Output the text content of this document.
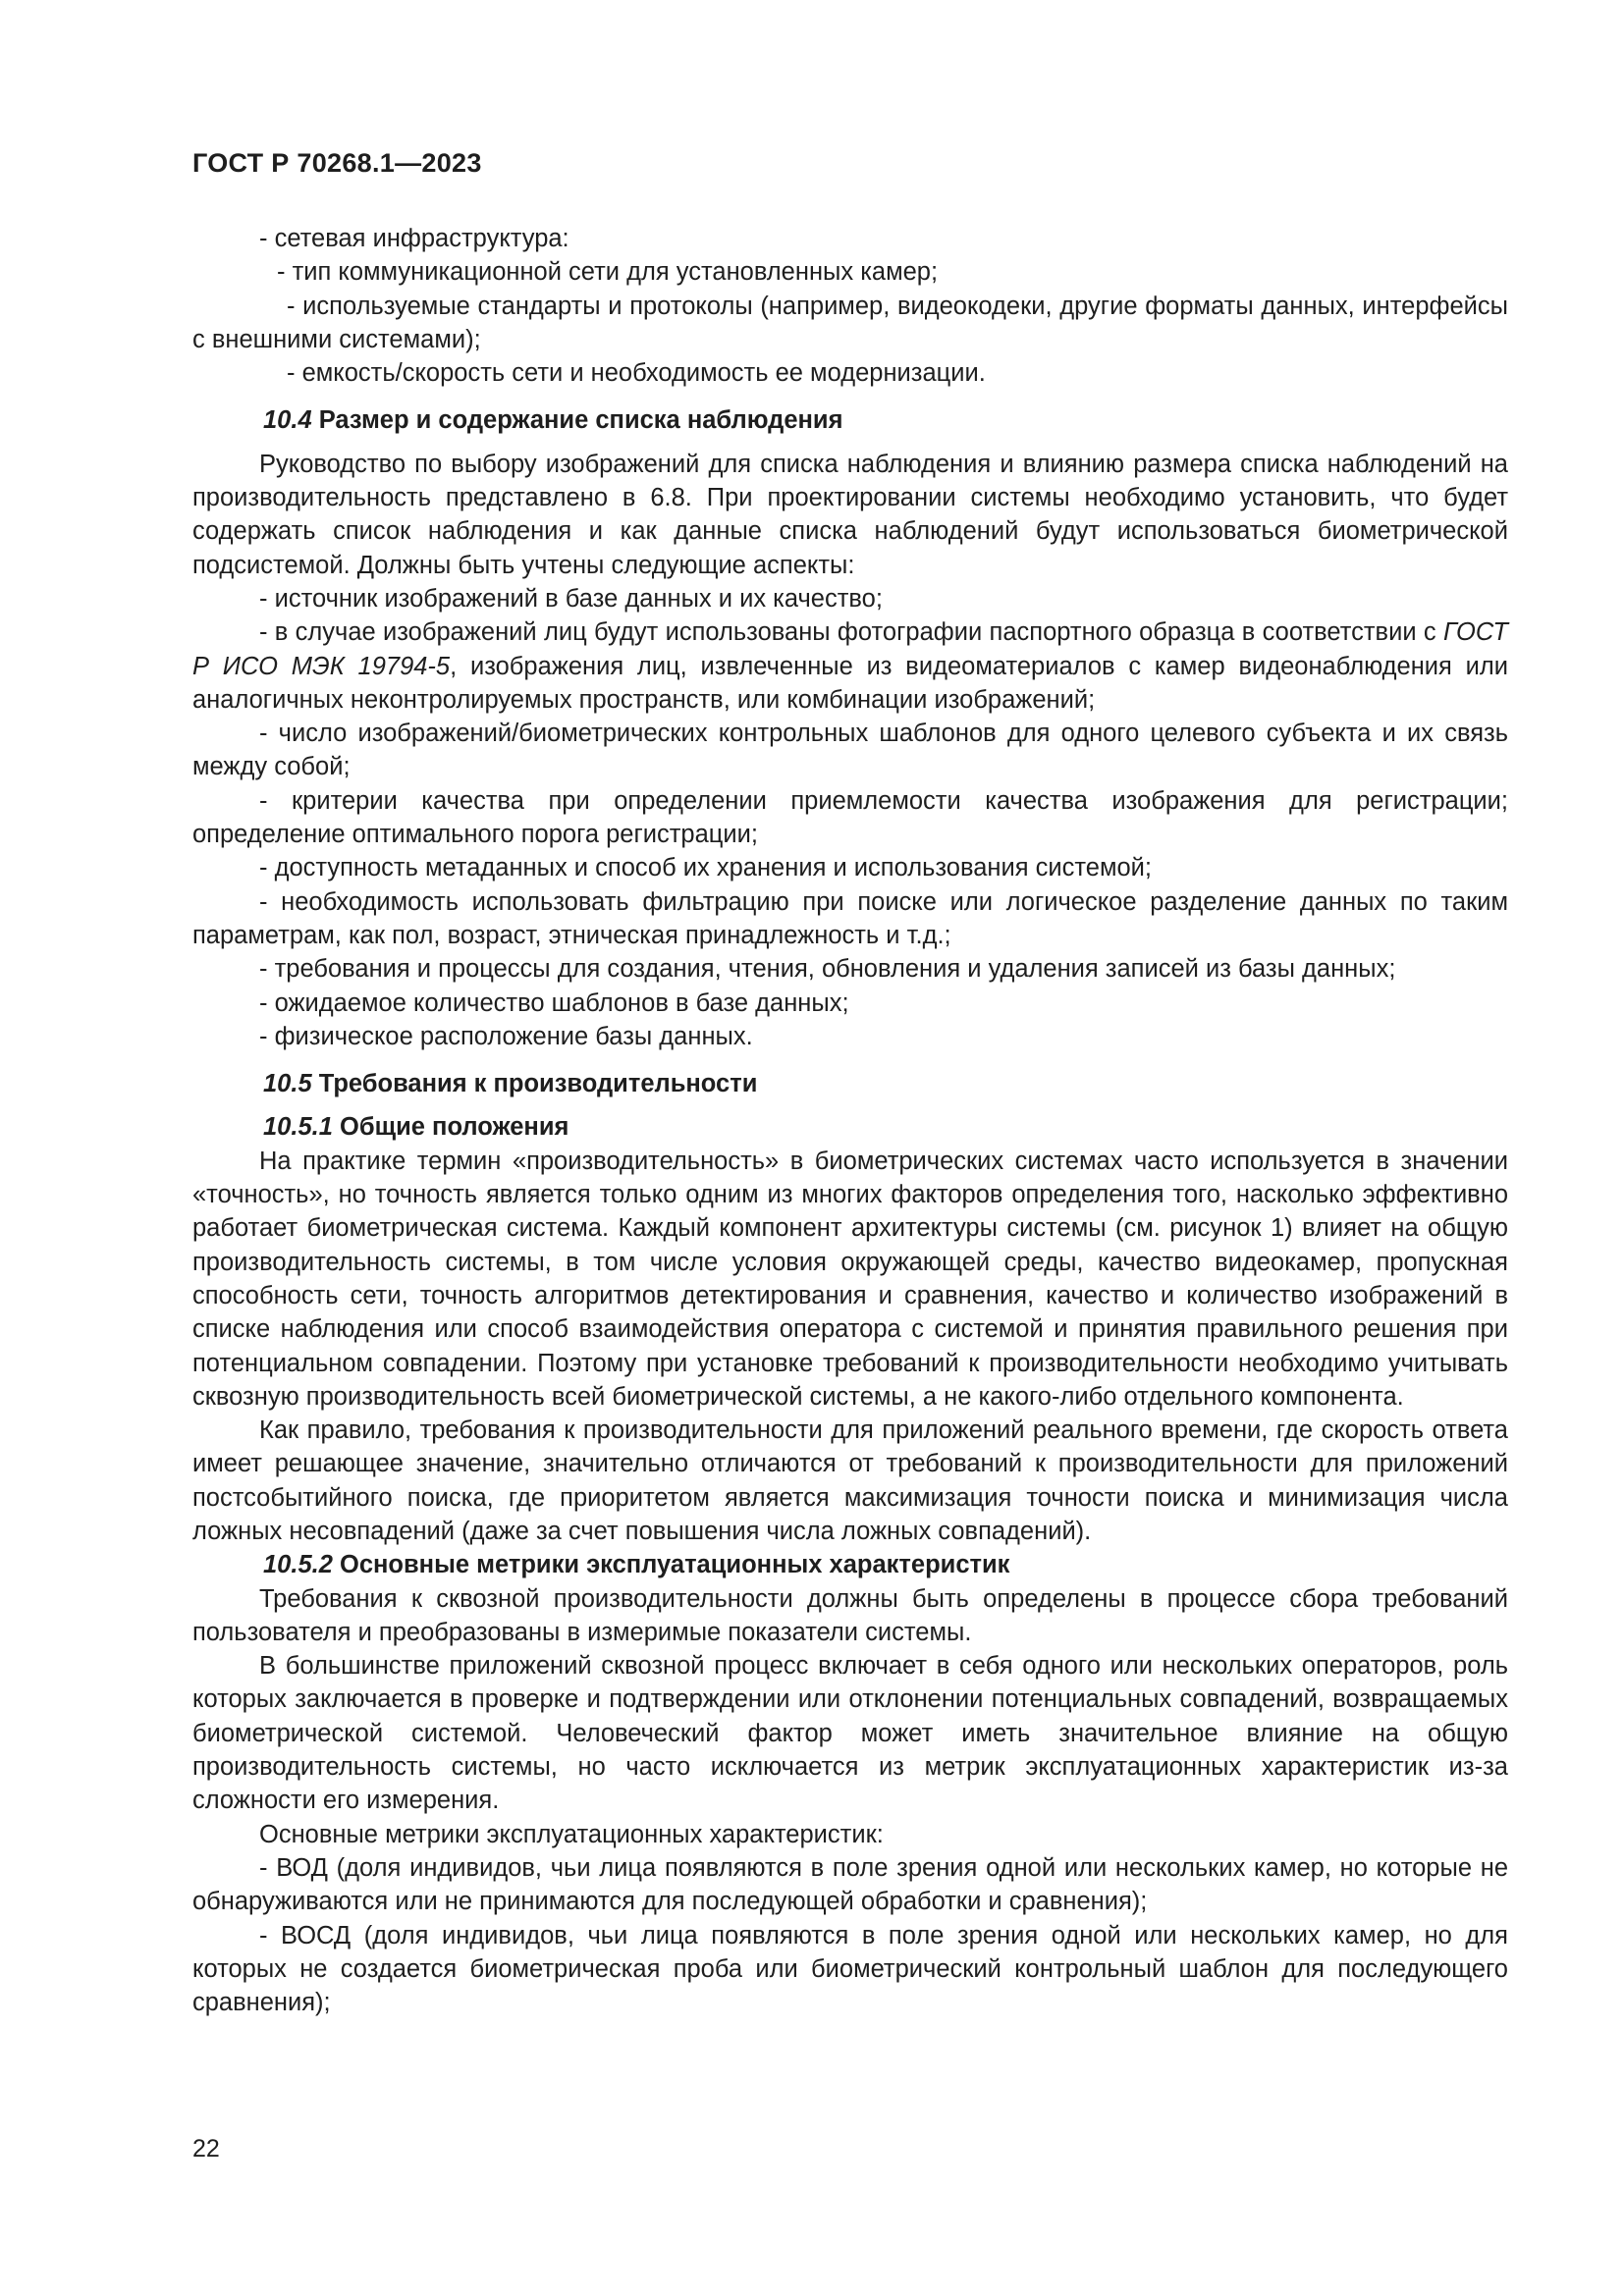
ГОСТ Р 70268.1—2023

- сетевая инфраструктура:

- тип коммуникационной сети для установленных камер;

- используемые стандарты и протоколы (например, видеокодеки, другие форматы данных, интерфейсы с внешними системами);

- емкость/скорость сети и необходимость ее модернизации.

10.4 Размер и содержание списка наблюдения

Руководство по выбору изображений для списка наблюдения и влиянию размера списка наблюдений на производительность представлено в 6.8. При проектировании системы необходимо установить, что будет содержать список наблюдения и как данные списка наблюдений будут использоваться биометрической подсистемой. Должны быть учтены следующие аспекты:

- источник изображений в базе данных и их качество;

- в случае изображений лиц будут использованы фотографии паспортного образца в соответствии с ГОСТ Р ИСО МЭК 19794-5, изображения лиц, извлеченные из видеоматериалов с камер видеонаблюдения или аналогичных неконтролируемых пространств, или комбинации изображений;

- число изображений/биометрических контрольных шаблонов для одного целевого субъекта и их связь между собой;

- критерии качества при определении приемлемости качества изображения для регистрации; определение оптимального порога регистрации;

- доступность метаданных и способ их хранения и использования системой;

- необходимость использовать фильтрацию при поиске или логическое разделение данных по таким параметрам, как пол, возраст, этническая принадлежность и т.д.;

- требования и процессы для создания, чтения, обновления и удаления записей из базы данных;

- ожидаемое количество шаблонов в базе данных;

- физическое расположение базы данных.

10.5 Требования к производительности

10.5.1 Общие положения

На практике термин «производительность» в биометрических системах часто используется в значении «точность», но точность является только одним из многих факторов определения того, насколько эффективно работает биометрическая система. Каждый компонент архитектуры системы (см. рисунок 1) влияет на общую производительность системы, в том числе условия окружающей среды, качество видеокамер, пропускная способность сети, точность алгоритмов детектирования и сравнения, качество и количество изображений в списке наблюдения или способ взаимодействия оператора с системой и принятия правильного решения при потенциальном совпадении. Поэтому при установке требований к производительности необходимо учитывать сквозную производительность всей биометрической системы, а не какого-либо отдельного компонента.

Как правило, требования к производительности для приложений реального времени, где скорость ответа имеет решающее значение, значительно отличаются от требований к производительности для приложений постсобытийного поиска, где приоритетом является максимизация точности поиска и минимизация числа ложных несовпадений (даже за счет повышения числа ложных совпадений).

10.5.2 Основные метрики эксплуатационных характеристик

Требования к сквозной производительности должны быть определены в процессе сбора требований пользователя и преобразованы в измеримые показатели системы.

В большинстве приложений сквозной процесс включает в себя одного или нескольких операторов, роль которых заключается в проверке и подтверждении или отклонении потенциальных совпадений, возвращаемых биометрической системой. Человеческий фактор может иметь значительное влияние на общую производительность системы, но часто исключается из метрик эксплуатационных характеристик из-за сложности его измерения.

Основные метрики эксплуатационных характеристик:

- ВОД (доля индивидов, чьи лица появляются в поле зрения одной или нескольких камер, но которые не обнаруживаются или не принимаются для последующей обработки и сравнения);

- ВОСД (доля индивидов, чьи лица появляются в поле зрения одной или нескольких камер, но для которых не создается биометрическая проба или биометрический контрольный шаблон для последующего сравнения);

22
